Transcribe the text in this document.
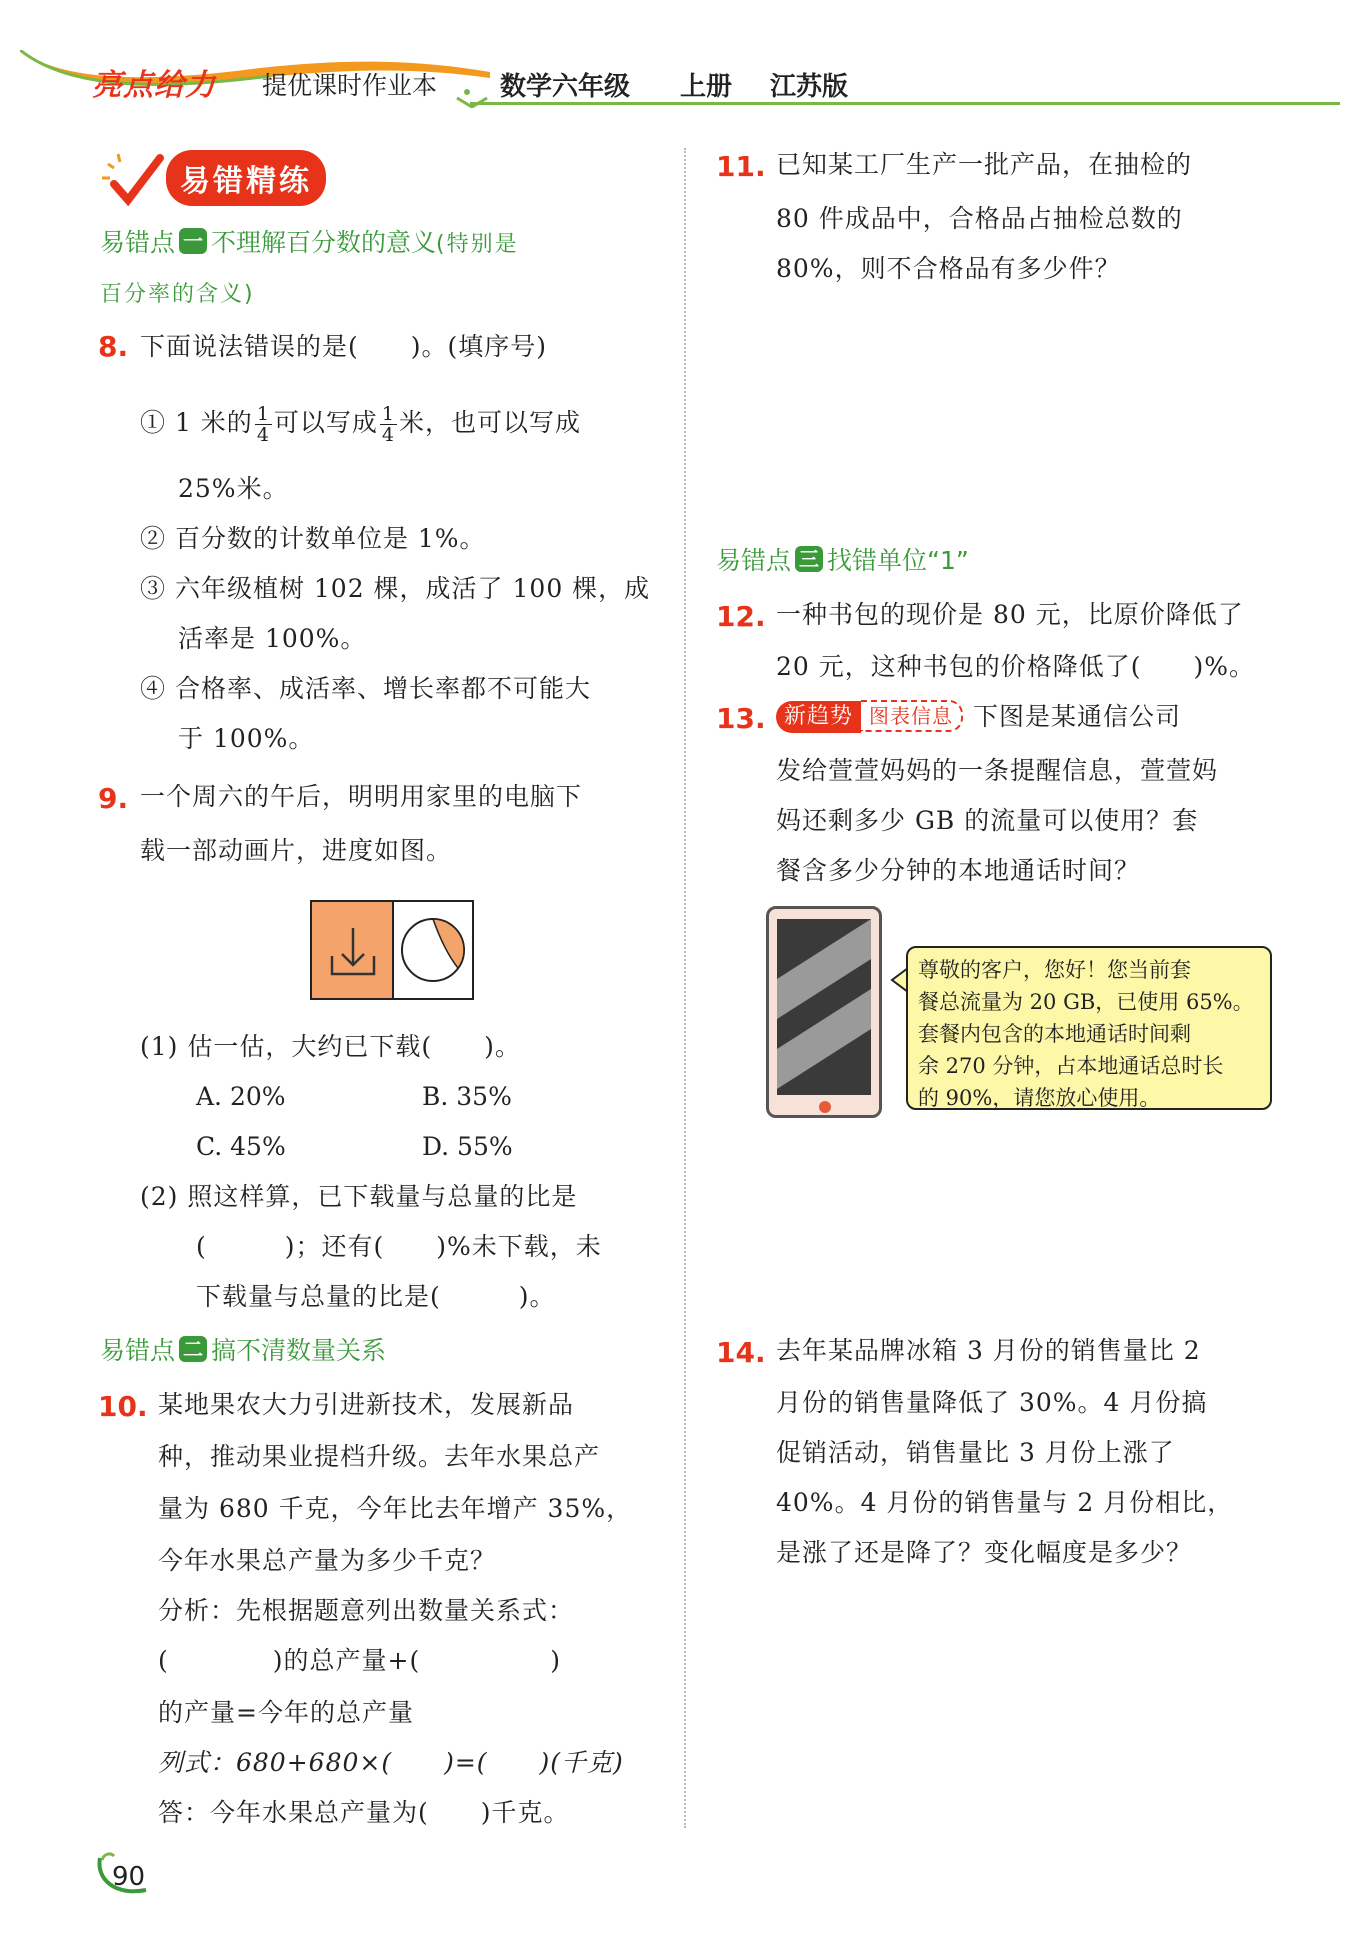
亮点给力 提优课时作业本 数学六年级 上册 江苏版
易错精练
易错点 一 不理解百分数的意义(特别是
百分率的含义)
8. 下面说法错误的是(　　)。(填序号)
① 1 米的 $\frac{1}{4}$ 可以写成 $\frac{1}{4}$ 米，也可以写成
25%米。
② 百分数的计数单位是 1%。
③ 六年级植树 102 棵，成活了 100 棵，成
活率是 100%。
④ 合格率、成活率、增长率都不可能大
于 100%。
9. 一个周六的午后，明明用家里的电脑下
载一部动画片，进度如图。
(1) 估一估，大约已下载(　　)。
A. 20%	B. 35%
C. 45%	D. 55%
(2) 照这样算，已下载量与总量的比是
(　　　)；还有(　　)%未下载，未
下载量与总量的比是(　　　)。
易错点 二 搞不清数量关系
10. 某地果农大力引进新技术，发展新品
种，推动果业提档升级。去年水果总产
量为 680 千克，今年比去年增产 35%，
今年水果总产量为多少千克？
分析：先根据题意列出数量关系式：
(　　　　)的总产量+(　　　　　)
的产量=今年的总产量
列式：680+680×(　　)=(　　)(千克)
答：今年水果总产量为(　　)千克。
11. 已知某工厂生产一批产品，在抽检的
80 件成品中，合格品占抽检总数的
80%，则不合格品有多少件？
易错点 三 找错单位“1”
12. 一种书包的现价是 80 元，比原价降低了
20 元，这种书包的价格降低了(　　)%。
13. 新趋势 图表信息 下图是某通信公司
发给萱萱妈妈的一条提醒信息，萱萱妈
妈还剩多少 GB 的流量可以使用？套
餐含多少分钟的本地通话时间？
尊敬的客户，您好！您当前套
餐总流量为 20 GB，已使用 65%。
套餐内包含的本地通话时间剩
余 270 分钟，占本地通话总时长
的 90%，请您放心使用。
14. 去年某品牌冰箱 3 月份的销售量比 2
月份的销售量降低了 30%。4 月份搞
促销活动，销售量比 3 月份上涨了
40%。4 月份的销售量与 2 月份相比，
是涨了还是降了？变化幅度是多少？
90
